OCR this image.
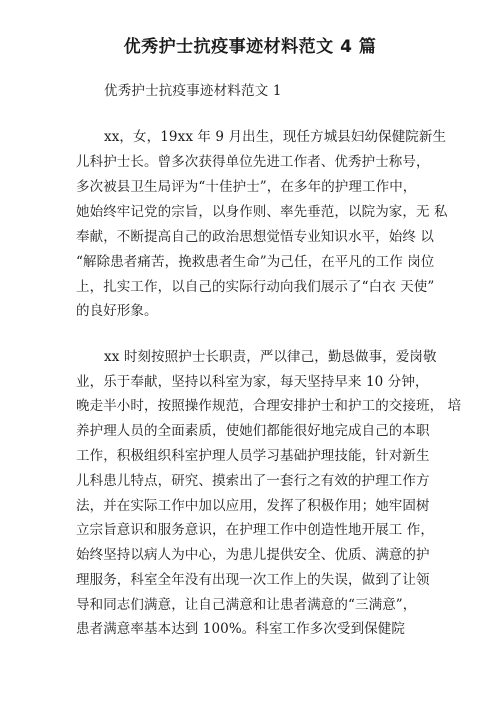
优秀护士抗疫事迹材料范文 4 篇
优秀护士抗疫事迹材料范文 1
xx，女，19xx 年 9 月出生，现任方城县妇幼保健院新生
儿科护士长。曾多次获得单位先进工作者、优秀护士称号，
多次被县卫生局评为“十佳护士”，在多年的护理工作中，
她始终牢记党的宗旨，以身作则、率先垂范，以院为家，无 私
奉献，不断提高自己的政治思想觉悟专业知识水平，始终 以
“解除患者痛苦，挽救患者生命”为己任，在平凡的工作 岗位
上，扎实工作，以自己的实际行动向我们展示了“白衣 天使”
的良好形象。
xx 时刻按照护士长职责，严以律己，勤恳做事，爱岗敬
业，乐于奉献，坚持以科室为家，每天坚持早来 10 分钟，
晚走半小时，按照操作规范，合理安排护士和护工的交接班， 培
养护理人员的全面素质，使她们都能很好地完成自己的本职
工作，积极组织科室护理人员学习基础护理技能，针对新生
儿科患儿特点，研究、摸索出了一套行之有效的护理工作方
法，并在实际工作中加以应用，发挥了积极作用；她牢固树
立宗旨意识和服务意识，在护理工作中创造性地开展工 作，
始终坚持以病人为中心，为患儿提供安全、优质、满意的护
理服务，科室全年没有出现一次工作上的失误，做到了让领
导和同志们满意，让自己满意和让患者满意的“三满意”，
患者满意率基本达到 100%。科室工作多次受到保健院
